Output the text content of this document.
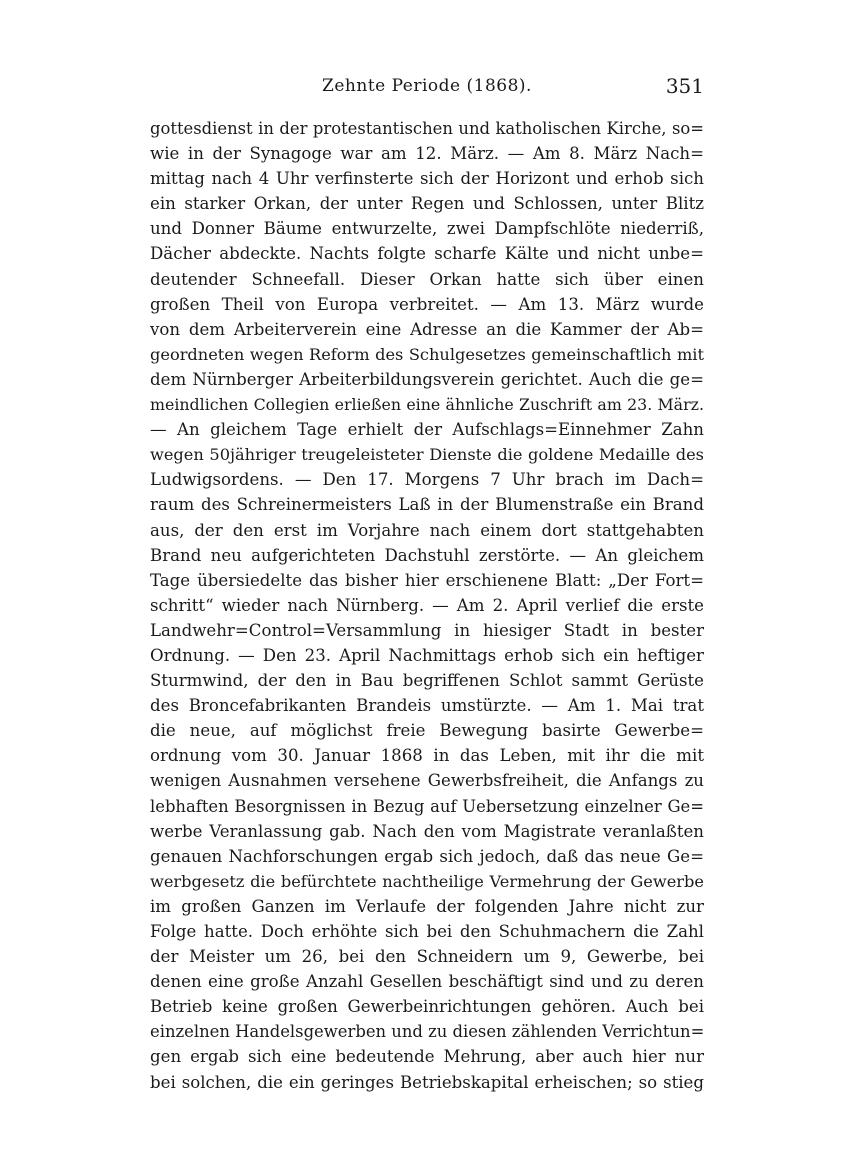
Zehnte Periode (1868).	351
gottesdienst in der protestantischen und katholischen Kirche, so=
wie in der Synagoge war am 12. März. — Am 8. März Nach=
mittag nach 4 Uhr verfinsterte sich der Horizont und erhob sich
ein starker Orkan, der unter Regen und Schlossen, unter Blitz
und Donner Bäume entwurzelte, zwei Dampfschlöte niederriß,
Dächer abdeckte. Nachts folgte scharfe Kälte und nicht unbe=
deutender Schneefall. Dieser Orkan hatte sich über einen
großen Theil von Europa verbreitet. — Am 13. März wurde
von dem Arbeiterverein eine Adresse an die Kammer der Ab=
geordneten wegen Reform des Schulgesetzes gemeinschaftlich mit
dem Nürnberger Arbeiterbildungsverein gerichtet. Auch die ge=
meindlichen Collegien erließen eine ähnliche Zuschrift am 23. März.
— An gleichem Tage erhielt der Aufschlags=Einnehmer Zahn
wegen 50jähriger treugeleisteter Dienste die goldene Medaille des
Ludwigsordens. — Den 17. Morgens 7 Uhr brach im Dach=
raum des Schreinermeisters Laß in der Blumenstraße ein Brand
aus, der den erst im Vorjahre nach einem dort stattgehabten
Brand neu aufgerichteten Dachstuhl zerstörte. — An gleichem
Tage übersiedelte das bisher hier erschienene Blatt: „Der Fort=
schritt“ wieder nach Nürnberg. — Am 2. April verlief die erste
Landwehr=Control=Versammlung in hiesiger Stadt in bester
Ordnung. — Den 23. April Nachmittags erhob sich ein heftiger
Sturmwind, der den in Bau begriffenen Schlot sammt Gerüste
des Broncefabrikanten Brandeis umstürzte. — Am 1. Mai trat
die neue, auf möglichst freie Bewegung basirte Gewerbe=
ordnung vom 30. Januar 1868 in das Leben, mit ihr die mit
wenigen Ausnahmen versehene Gewerbsfreiheit, die Anfangs zu
lebhaften Besorgnissen in Bezug auf Uebersetzung einzelner Ge=
werbe Veranlassung gab. Nach den vom Magistrate veranlaßten
genauen Nachforschungen ergab sich jedoch, daß das neue Ge=
werbgesetz die befürchtete nachtheilige Vermehrung der Gewerbe
im großen Ganzen im Verlaufe der folgenden Jahre nicht zur
Folge hatte. Doch erhöhte sich bei den Schuhmachern die Zahl
der Meister um 26, bei den Schneidern um 9, Gewerbe, bei
denen eine große Anzahl Gesellen beschäftigt sind und zu deren
Betrieb keine großen Gewerbeinrichtungen gehören. Auch bei
einzelnen Handelsgewerben und zu diesen zählenden Verrichtun=
gen ergab sich eine bedeutende Mehrung, aber auch hier nur
bei solchen, die ein geringes Betriebskapital erheischen; so stieg
